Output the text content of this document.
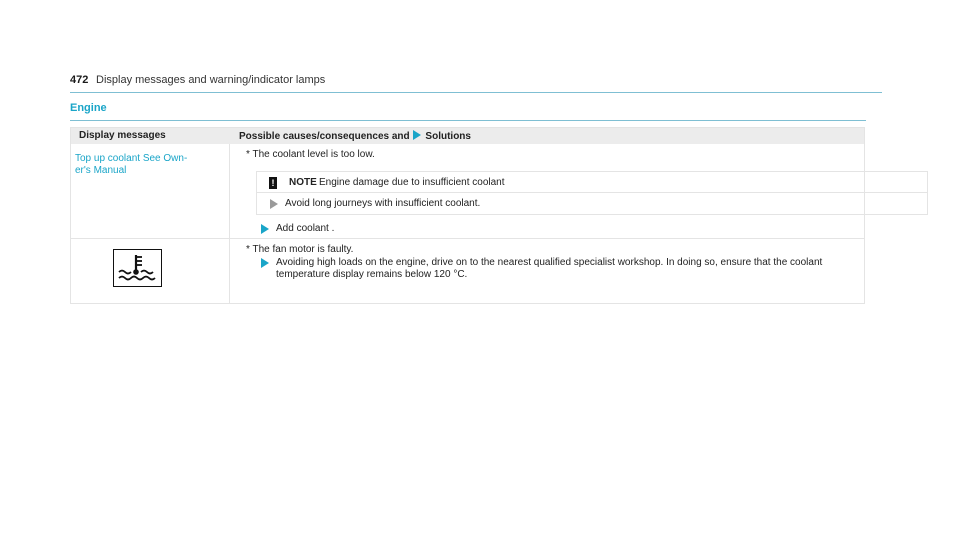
472 Display messages and warning/indicator lamps
Engine
Display messages	Possible causes/consequences and Solutions
Top up coolant See Own-
er's Manual
* The coolant level is too low.
! NOTE Engine damage due to insufficient coolant
Avoid long journeys with insufficient coolant.
Add coolant .
* The fan motor is faulty.
Avoiding high loads on the engine, drive on to the nearest qualified specialist workshop. In doing so, ensure that the coolant temperature display remains below 120 °C.
